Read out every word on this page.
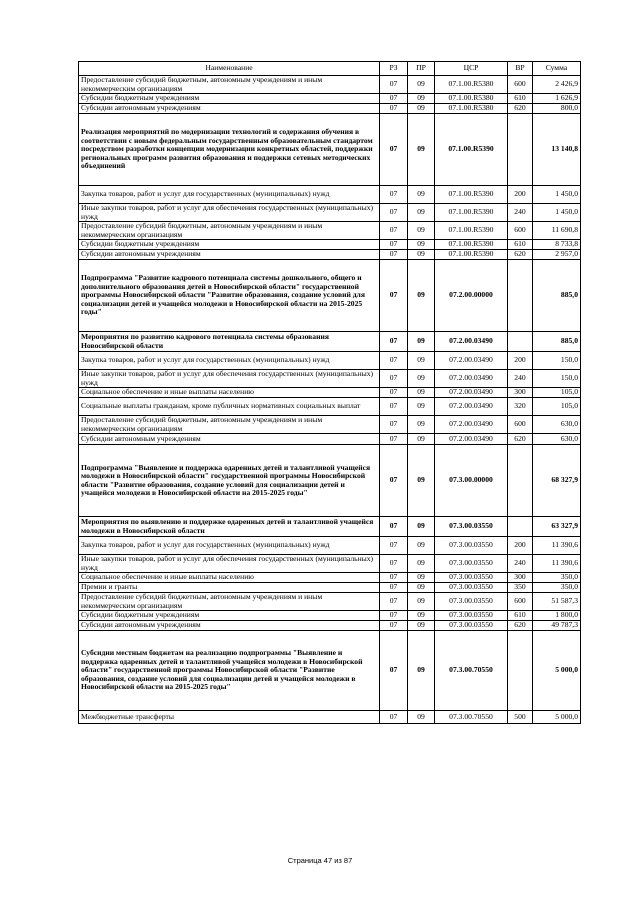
Наименование	РЗ	ПР	ЦСР	ВР	Сумма
Предоставление субсидий бюджетным, автономным учреждениям и иным некоммерческим организациям	07	09	07.1.00.R5380	600	2 426,9
Субсидии бюджетным учреждениям	07	09	07.1.00.R5380	610	1 626,9
Субсидии автономным учреждениям	07	09	07.1.00.R5380	620	800,0
Реализация мероприятий по модернизации технологий и содержания обучения в соответствии с новым федеральным государственным образовательным стандартом посредством разработки концепции модернизации конкретных областей, поддержки региональных программ развития образования и поддержки сетевых методических объединений	07	09	07.1.00.R5390		13 140,8
Закупка товаров, работ и услуг для государственных (муниципальных) нужд	07	09	07.1.00.R5390	200	1 450,0
Иные закупки товаров, работ и услуг для обеспечения государственных (муниципальных) нужд	07	09	07.1.00.R5390	240	1 450,0
Предоставление субсидий бюджетным, автономным учреждениям и иным некоммерческим организациям	07	09	07.1.00.R5390	600	11 690,8
Субсидии бюджетным учреждениям	07	09	07.1.00.R5390	610	8 733,8
Субсидии автономным учреждениям	07	09	07.1.00.R5390	620	2 957,0
Подпрограмма "Развитие кадрового потенциала системы дошкольного, общего и дополнительного образования детей в Новосибирской области" государственной программы Новосибирской области "Развитие образования, создание условий для социализации детей и учащейся молодежи в Новосибирской области на 2015-2025 годы"	07	09	07.2.00.00000		885,0
Мероприятия по развитию кадрового потенциала системы образования Новосибирской области	07	09	07.2.00.03490		885,0
Закупка товаров, работ и услуг для государственных (муниципальных) нужд	07	09	07.2.00.03490	200	150,0
Иные закупки товаров, работ и услуг для обеспечения государственных (муниципальных) нужд	07	09	07.2.00.03490	240	150,0
Социальное обеспечение и иные выплаты населению	07	09	07.2.00.03490	300	105,0
Социальные выплаты гражданам, кроме публичных нормативных социальных выплат	07	09	07.2.00.03490	320	105,0
Предоставление субсидий бюджетным, автономным учреждениям и иным некоммерческим организациям	07	09	07.2.00.03490	600	630,0
Субсидии автономным учреждениям	07	09	07.2.00.03490	620	630,0
Подпрограмма "Выявление и поддержка одаренных детей и талантливой учащейся молодежи в Новосибирской области" государственной программы Новосибирской области "Развитие образования, создание условий для социализации детей и учащейся молодежи в Новосибирской области на 2015-2025 годы"	07	09	07.3.00.00000		68 327,9
Мероприятия по выявлению и поддержке одаренных детей и талантливой учащейся молодежи в Новосибирской области	07	09	07.3.00.03550		63 327,9
Закупка товаров, работ и услуг для государственных (муниципальных) нужд	07	09	07.3.00.03550	200	11 390,6
Иные закупки товаров, работ и услуг для обеспечения государственных (муниципальных) нужд	07	09	07.3.00.03550	240	11 390,6
Социальное обеспечение и иные выплаты населению	07	09	07.3.00.03550	300	350,0
Премии и гранты	07	09	07.3.00.03550	350	350,0
Предоставление субсидий бюджетным, автономным учреждениям и иным некоммерческим организациям	07	09	07.3.00.03550	600	51 587,3
Субсидии бюджетным учреждениям	07	09	07.3.00.03550	610	1 800,0
Субсидии автономным учреждениям	07	09	07.3.00.03550	620	49 787,3
Субсидии местным бюджетам на реализацию подпрограммы "Выявление и поддержка одаренных детей и талантливой учащейся молодежи в Новосибирской области" государственной программы Новосибирской области "Развитие образования, создание условий для социализации детей и учащейся молодежи в Новосибирской области на 2015-2025 годы"	07	09	07.3.00.70550		5 000,0
Межбюджетные трансферты	07	09	07.3.00.70550	500	5 000,0
Страница 47 из 87
